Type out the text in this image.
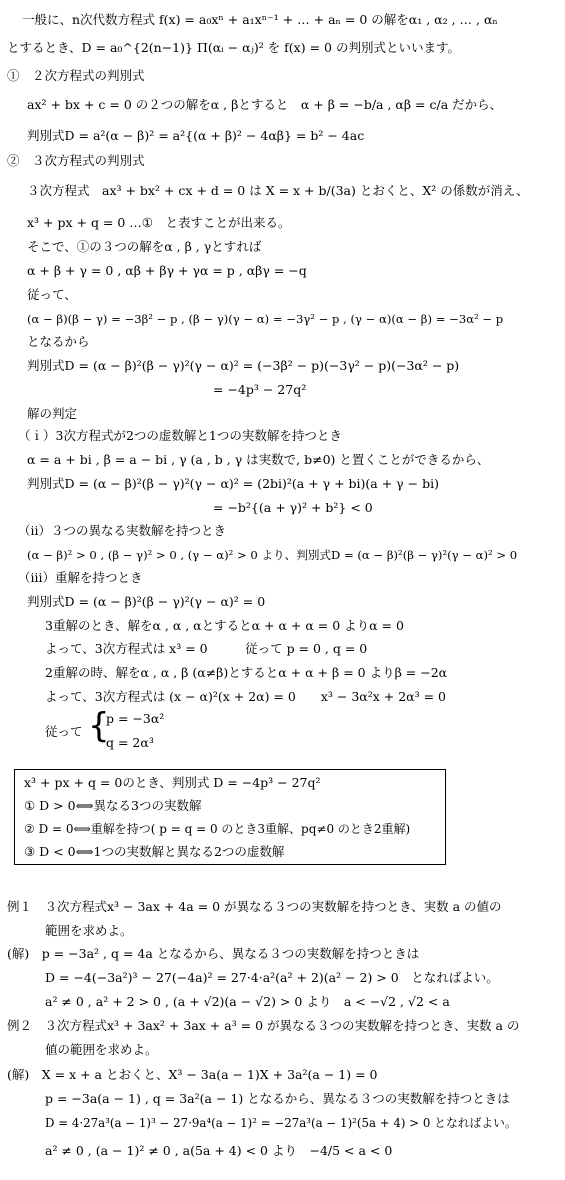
一般に、n次代数方程式 f(x) = a₀xⁿ + a₁xⁿ⁻¹ + … + aₙ = 0 の解をα₁ , α₂ , … , αₙ
とするとき、D = a₀^{2(n−1)} Π(αᵢ − αⱼ)² を f(x) = 0 の判別式といいます。
①　２次方程式の判別式
ax² + bx + c = 0 の２つの解をα , βとすると　α + β = −b/a , αβ = c/a だから、
判別式D = a²(α − β)² = a²{(α + β)² − 4αβ} = b² − 4ac
②　３次方程式の判別式
３次方程式　ax³ + bx² + cx + d = 0 は X = x + b/(3a) とおくと、X² の係数が消え、
x³ + px + q = 0 …①　と表すことが出来る。
そこで、①の３つの解をα , β , γとすれば
α + β + γ = 0 , αβ + βγ + γα = p , αβγ = −q
従って、
(α − β)(β − γ) = −3β² − p , (β − γ)(γ − α) = −3γ² − p , (γ − α)(α − β) = −3α² − p
となるから
判別式D = (α − β)²(β − γ)²(γ − α)² = (−3β² − p)(−3γ² − p)(−3α² − p)
= −4p³ − 27q²
解の判定
（ｉ）3次方程式が2つの虚数解と1つの実数解を持つとき
α = a + bi , β = a − bi , γ (a , b , γ は実数で, b≠0) と置くことができるから、
判別式D = (α − β)²(β − γ)²(γ − α)² = (2bi)²(a + γ + bi)(a + γ − bi)
= −b²{(a + γ)² + b²} < 0
（ⅱ）３つの異なる実数解を持つとき
(α − β)² > 0 , (β − γ)² > 0 , (γ − α)² > 0 より、判別式D = (α − β)²(β − γ)²(γ − α)² > 0
（ⅲ）重解を持つとき
判別式D = (α − β)²(β − γ)²(γ − α)² = 0
3重解のとき、解をα , α , αとするとα + α + α = 0 よりα = 0
よって、3次方程式は x³ = 0　　　従って p = 0 , q = 0
2重解の時、解をα , α , β (α≠β)とするとα + α + β = 0 よりβ = −2α
よって、3次方程式は (x − α)²(x + 2α) = 0　　x³ − 3α²x + 2α³ = 0
従って {
p = −3α²
q = 2α³
x³ + px + q = 0のとき、判別式 D = −4p³ − 27q²
① D > 0⟺異なる3つの実数解
② D = 0⟺重解を持つ( p = q = 0 のとき3重解、pq≠0 のとき2重解)
③ D < 0⟺1つの実数解と異なる2つの虚数解
例１　３次方程式x³ − 3ax + 4a = 0 が異なる３つの実数解を持つとき、実数 a の値の
範囲を求めよ。
(解)　p = −3a² , q = 4a となるから、異なる３つの実数解を持つときは
D = −4(−3a²)³ − 27(−4a)² = 27·4·a²(a² + 2)(a² − 2) > 0　となればよい。
a² ≠ 0 , a² + 2 > 0 , (a + √2)(a − √2) > 0 より　a < −√2 , √2 < a
例２　３次方程式x³ + 3ax² + 3ax + a³ = 0 が異なる３つの実数解を持つとき、実数 a の
値の範囲を求めよ。
(解)　X = x + a とおくと、X³ − 3a(a − 1)X + 3a²(a − 1) = 0
p = −3a(a − 1) , q = 3a²(a − 1) となるから、異なる３つの実数解を持つときは
D = 4·27a³(a − 1)³ − 27·9a⁴(a − 1)² = −27a³(a − 1)²(5a + 4) > 0 となればよい。
a² ≠ 0 , (a − 1)² ≠ 0 , a(5a + 4) < 0 より　−4/5 < a < 0
